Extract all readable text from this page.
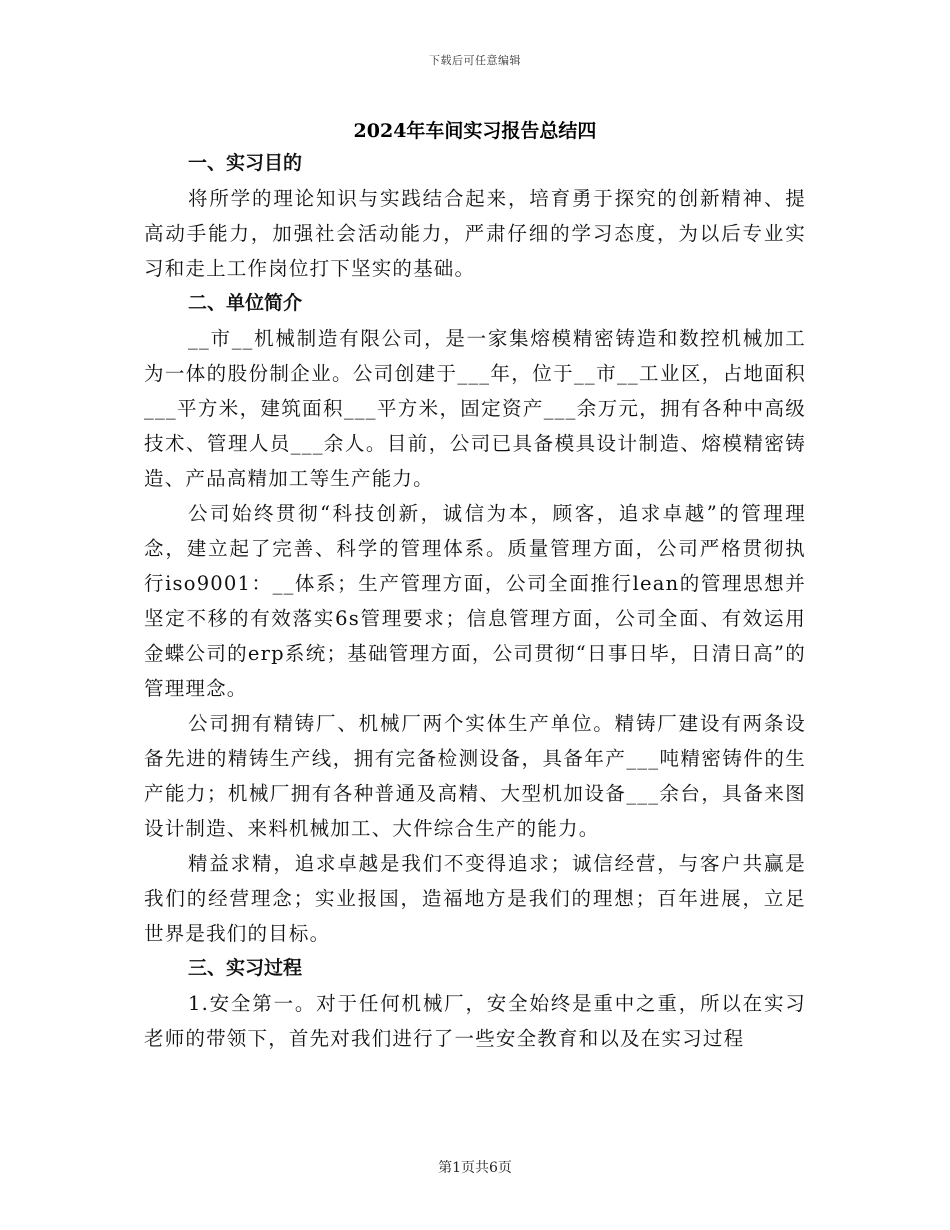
下载后可任意编辑
2024年车间实习报告总结四

一、实习目的

将所学的理论知识与实践结合起来，培育勇于探究的创新精神、提高动手能力，加强社会活动能力，严肃仔细的学习态度，为以后专业实习和走上工作岗位打下坚实的基础。

二、单位简介

__市__机械制造有限公司，是一家集熔模精密铸造和数控机械加工为一体的股份制企业。公司创建于___年，位于__市__工业区，占地面积___平方米，建筑面积___平方米，固定资产___余万元，拥有各种中高级技术、管理人员___余人。目前，公司已具备模具设计制造、熔模精密铸造、产品高精加工等生产能力。

公司始终贯彻“科技创新，诚信为本，顾客，追求卓越”的管理理念，建立起了完善、科学的管理体系。质量管理方面，公司严格贯彻执行iso9001：__体系；生产管理方面，公司全面推行lean的管理思想并坚定不移的有效落实6s管理要求；信息管理方面，公司全面、有效运用金蝶公司的erp系统；基础管理方面，公司贯彻“日事日毕，日清日高”的管理理念。

公司拥有精铸厂、机械厂两个实体生产单位。精铸厂建设有两条设备先进的精铸生产线，拥有完备检测设备，具备年产___吨精密铸件的生产能力；机械厂拥有各种普通及高精、大型机加设备___余台，具备来图设计制造、来料机械加工、大件综合生产的能力。

精益求精，追求卓越是我们不变得追求；诚信经营，与客户共赢是我们的经营理念；实业报国，造福地方是我们的理想；百年进展，立足世界是我们的目标。

三、实习过程

1.安全第一。对于任何机械厂，安全始终是重中之重，所以在实习老师的带领下，首先对我们进行了一些安全教育和以及在实习过程

第1页共6页
